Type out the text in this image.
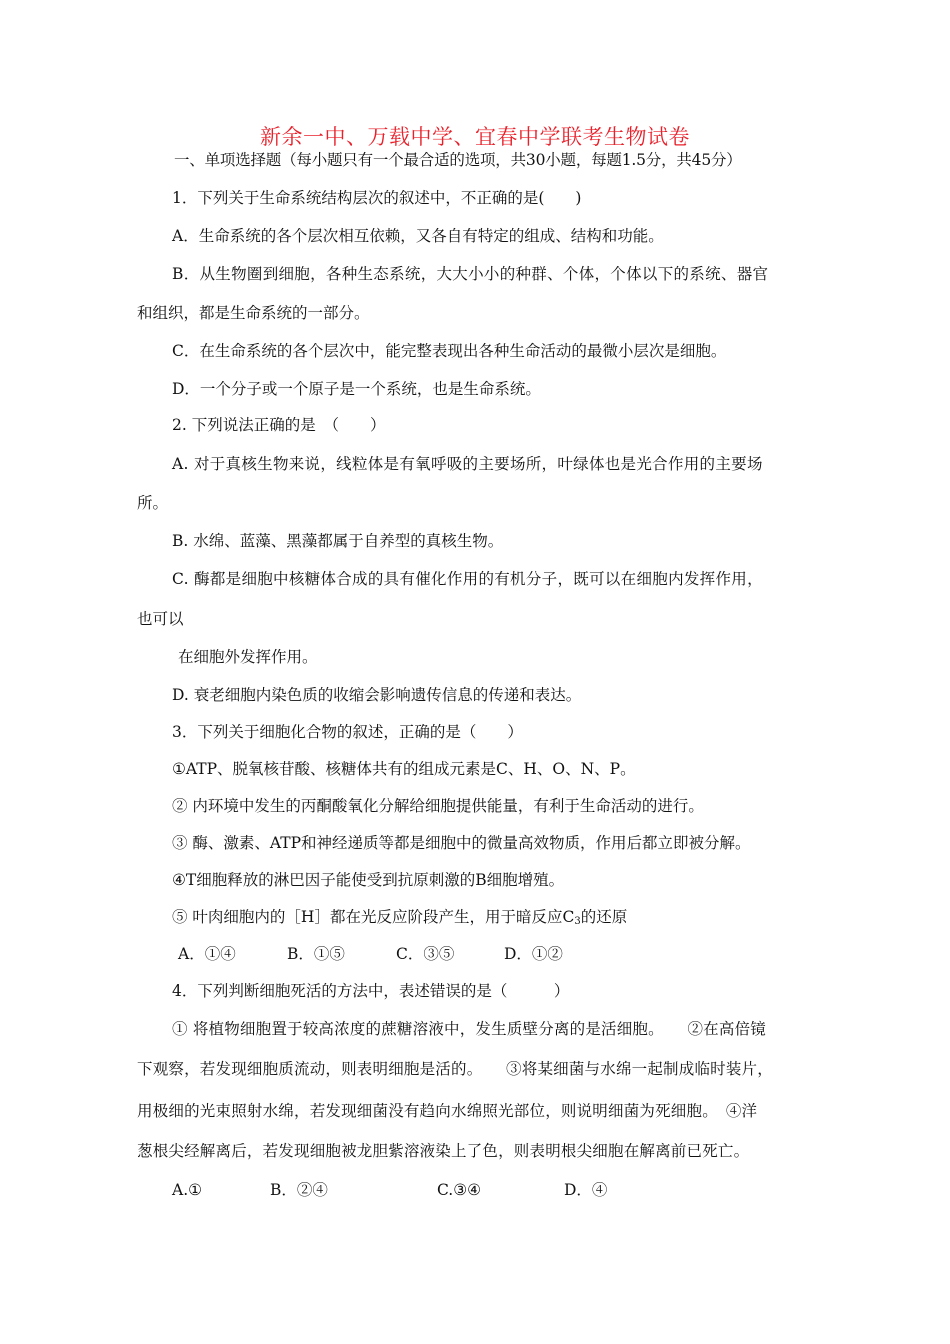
新余一中、万载中学、宜春中学联考生物试卷
一、单项选择题（每小题只有一个最合适的选项，共30小题，每题1.5分，共45分）
1．下列关于生命系统结构层次的叙述中，不正确的是(　　)
A．生命系统的各个层次相互依赖，又各自有特定的组成、结构和功能。
B．从生物圈到细胞，各种生态系统，大大小小的种群、个体，个体以下的系统、器官
和组织，都是生命系统的一部分。
C．在生命系统的各个层次中，能完整表现出各种生命活动的最微小层次是细胞。
D．一个分子或一个原子是一个系统，也是生命系统。
2. 下列说法正确的是　（　　）
A. 对于真核生物来说，线粒体是有氧呼吸的主要场所，叶绿体也是光合作用的主要场
所。
B. 水绵、蓝藻、黑藻都属于自养型的真核生物。
C. 酶都是细胞中核糖体合成的具有催化作用的有机分子，既可以在细胞内发挥作用，
也可以
在细胞外发挥作用。
D. 衰老细胞内染色质的收缩会影响遗传信息的传递和表达。
3．下列关于细胞化合物的叙述，正确的是（　　）
①ATP、脱氧核苷酸、核糖体共有的组成元素是C、H、O、N、P。
② 内环境中发生的丙酮酸氧化分解给细胞提供能量，有利于生命活动的进行。
③ 酶、激素、ATP和神经递质等都是细胞中的微量高效物质，作用后都立即被分解。
④T细胞释放的淋巴因子能使受到抗原刺激的B细胞增殖。
⑤ 叶肉细胞内的［H］都在光反应阶段产生，用于暗反应$C_3$的还原
A．①④	B．①⑤	C．③⑤	D．①②
4．下列判断细胞死活的方法中，表述错误的是（　　　）
① 将植物细胞置于较高浓度的蔗糖溶液中，发生质壁分离的是活细胞。　　②在高倍镜
下观察，若发现细胞质流动，则表明细胞是活的。　　③将某细菌与水绵一起制成临时装片，
用极细的光束照射水绵，若发现细菌没有趋向水绵照光部位，则说明细菌为死细胞。　④洋
葱根尖经解离后，若发现细胞被龙胆紫溶液染上了色，则表明根尖细胞在解离前已死亡。
A.①	B．②④	C.③④	D．④
